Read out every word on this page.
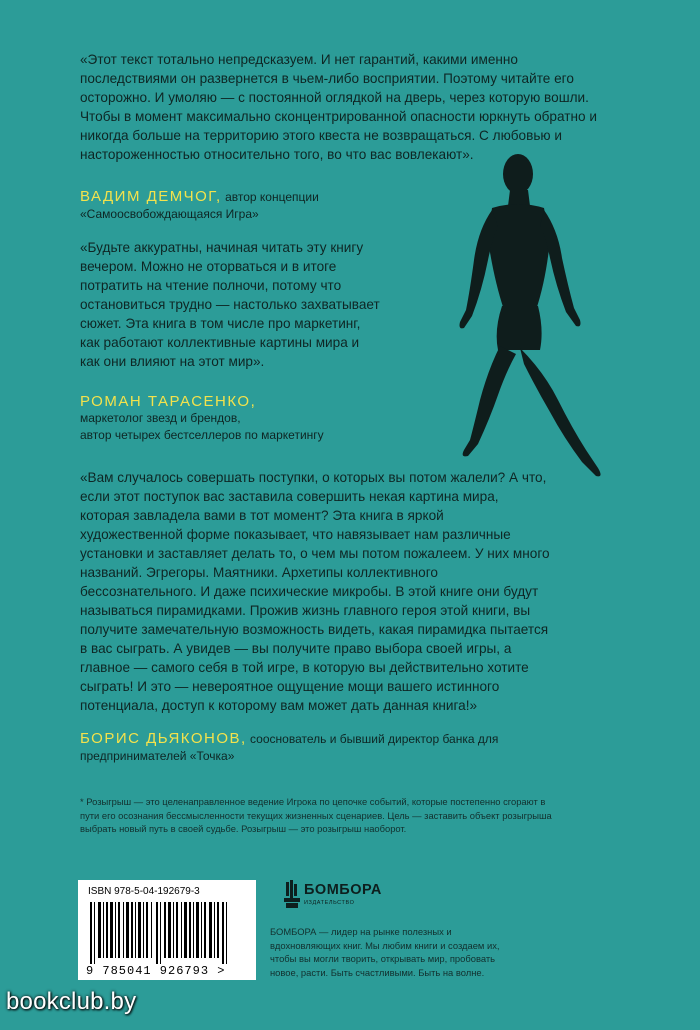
«Этот текст тотально непредсказуем. И нет гарантий, какими именно последствиями он развернется в чьем-либо восприятии. Поэтому читайте его осторожно. И умоляю — с постоянной оглядкой на дверь, через которую вошли. Чтобы в момент максимально сконцентрированной опасности юркнуть обратно и никогда больше на территорию этого квеста не возвращаться. С любовью и настороженностью относительно того, во что вас вовлекают».

ВАДИМ ДЕМЧОГ, автор концепции «Самоосвобождающаяся Игра»

«Будьте аккуратны, начиная читать эту книгу вечером. Можно не оторваться и в итоге потратить на чтение полночи, потому что остановиться трудно — настолько захватывает сюжет. Эта книга в том числе про маркетинг, как работают коллективные картины мира и как они влияют на этот мир».

РОМАН ТАРАСЕНКО,
маркетолог звезд и брендов,
автор четырех бестселлеров по маркетингу

«Вам случалось совершать поступки, о которых вы потом жалели? А что, если этот поступок вас заставила совершить некая картина мира, которая завладела вами в тот момент? Эта книга в яркой художественной форме показывает, что навязывает нам различные установки и заставляет делать то, о чем мы потом пожалеем. У них много названий. Эгрегоры. Маятники. Архетипы коллективного бессознательного. И даже психические микробы. В этой книге они будут называться пирамидками. Прожив жизнь главного героя этой книги, вы получите замечательную возможность видеть, какая пирамидка пытается в вас сыграть. А увидев — вы получите право выбора своей игры, а главное — самого себя в той игре, в которую вы действительно хотите сыграть! И это — невероятное ощущение мощи вашего истинного потенциала, доступ к которому вам может дать данная книга!»

БОРИС ДЬЯКОНОВ, сооснователь и бывший директор банка для предпринимателей «Точка»
* Розыгрыш — это целенаправленное ведение Игрока по цепочке событий, которые постепенно сгорают в пути его осознания бессмысленности текущих жизненных сценариев. Цель — заставить объект розыгрыша выбрать новый путь в своей судьбе. Розыгрыш — это розыгрыш наоборот.
ISBN 978-5-04-192679-3
9 785041 926793 >
БОМБОРА
ИЗДАТЕЛЬСТВО
БОМБОРА — лидер на рынке полезных и вдохновляющих книг. Мы любим книги и создаем их, чтобы вы могли творить, открывать мир, пробовать новое, расти. Быть счастливыми. Быть на волне.
bookclub.by
